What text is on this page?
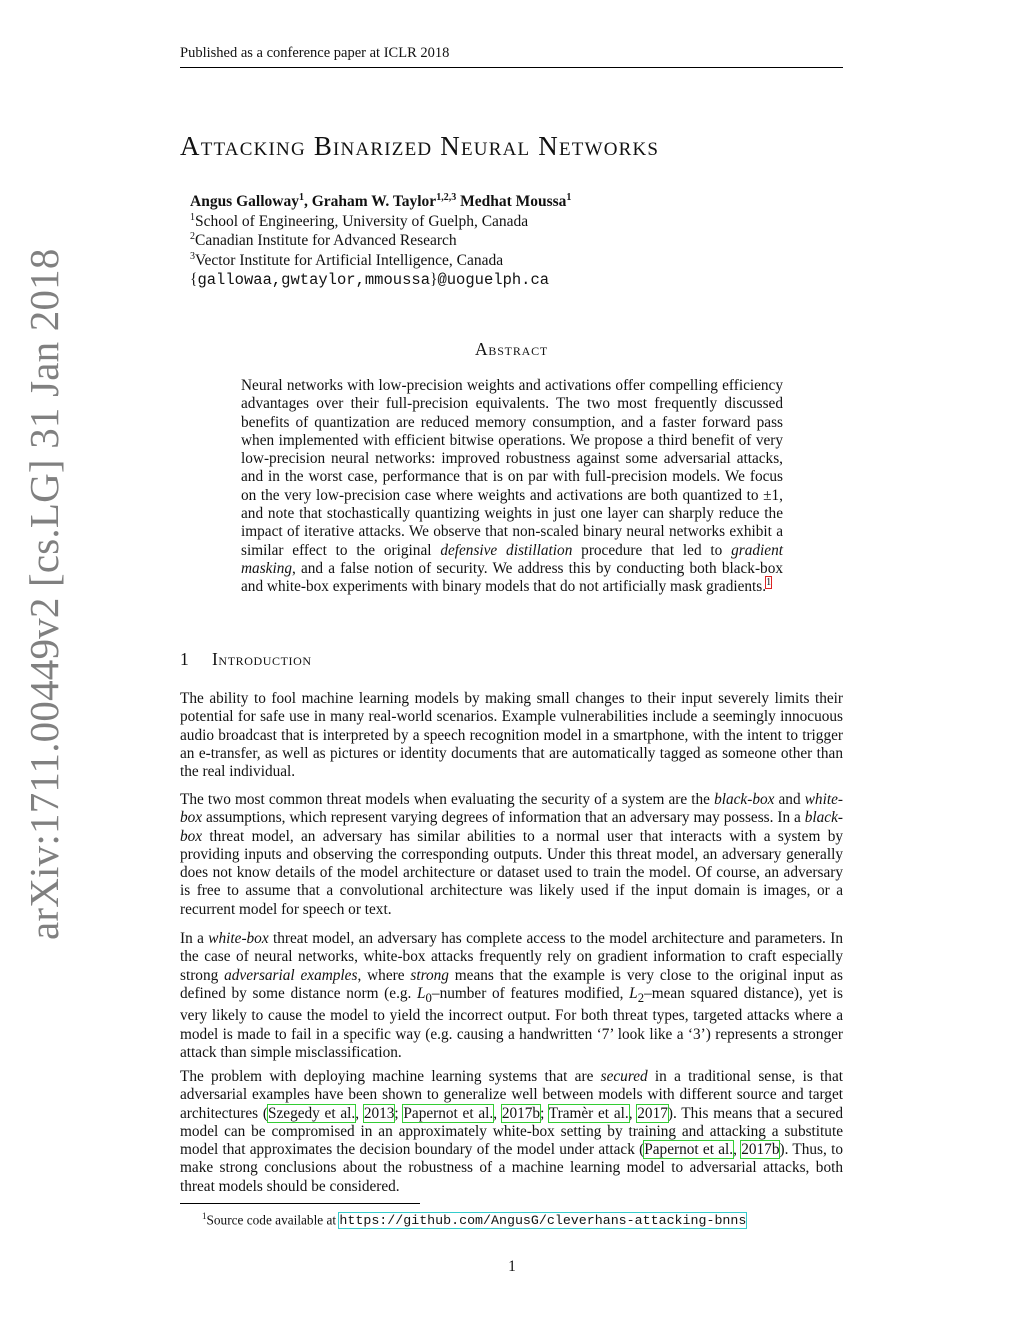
Published as a conference paper at ICLR 2018
arXiv:1711.00449v2 [cs.LG] 31 Jan 2018
Attacking Binarized Neural Networks
Angus Galloway$^1$, Graham W. Taylor$^{1,2,3}$ Medhat Moussa$^1$
$^1$School of Engineering, University of Guelph, Canada
$^2$Canadian Institute for Advanced Research
$^3$Vector Institute for Artificial Intelligence, Canada
{gallowaa,gwtaylor,mmoussa}@uoguelph.ca
Abstract
Neural networks with low-precision weights and activations offer compelling efficiency advantages over their full-precision equivalents. The two most frequently discussed benefits of quantization are reduced memory consumption, and a faster forward pass when implemented with efficient bitwise operations. We propose a third benefit of very low-precision neural networks: improved robustness against some adversarial attacks, and in the worst case, performance that is on par with full-precision models. We focus on the very low-precision case where weights and activations are both quantized to ±1, and note that stochastically quantizing weights in just one layer can sharply reduce the impact of iterative attacks. We observe that non-scaled binary neural networks exhibit a similar effect to the original defensive distillation procedure that led to gradient masking, and a false notion of security. We address this by conducting both black-box and white-box experiments with binary models that do not artificially mask gradients.$^1$
1 Introduction

The ability to fool machine learning models by making small changes to their input severely limits their potential for safe use in many real-world scenarios. Example vulnerabilities include a seemingly innocuous audio broadcast that is interpreted by a speech recognition model in a smartphone, with the intent to trigger an e-transfer, as well as pictures or identity documents that are automatically tagged as someone other than the real individual.

The two most common threat models when evaluating the security of a system are the black-box and white-box assumptions, which represent varying degrees of information that an adversary may possess. In a black-box threat model, an adversary has similar abilities to a normal user that interacts with a system by providing inputs and observing the corresponding outputs. Under this threat model, an adversary generally does not know details of the model architecture or dataset used to train the model. Of course, an adversary is free to assume that a convolutional architecture was likely used if the input domain is images, or a recurrent model for speech or text.

In a white-box threat model, an adversary has complete access to the model architecture and parameters. In the case of neural networks, white-box attacks frequently rely on gradient information to craft especially strong adversarial examples, where strong means that the example is very close to the original input as defined by some distance norm (e.g. $L_0$–number of features modified, $L_2$–mean squared distance), yet is very likely to cause the model to yield the incorrect output. For both threat types, targeted attacks where a model is made to fail in a specific way (e.g. causing a handwritten ‘7’ look like a ‘3’) represents a stronger attack than simple misclassification.

The problem with deploying machine learning systems that are secured in a traditional sense, is that adversarial examples have been shown to generalize well between models with different source and target architectures (Szegedy et al., 2013; Papernot et al., 2017b; Tramèr et al., 2017). This means that a secured model can be compromised in an approximately white-box setting by training and attacking a substitute model that approximates the decision boundary of the model under attack (Papernot et al., 2017b). Thus, to make strong conclusions about the robustness of a machine learning model to adversarial attacks, both threat models should be considered.

$^1$Source code available at https://github.com/AngusG/cleverhans-attacking-bnns
1
